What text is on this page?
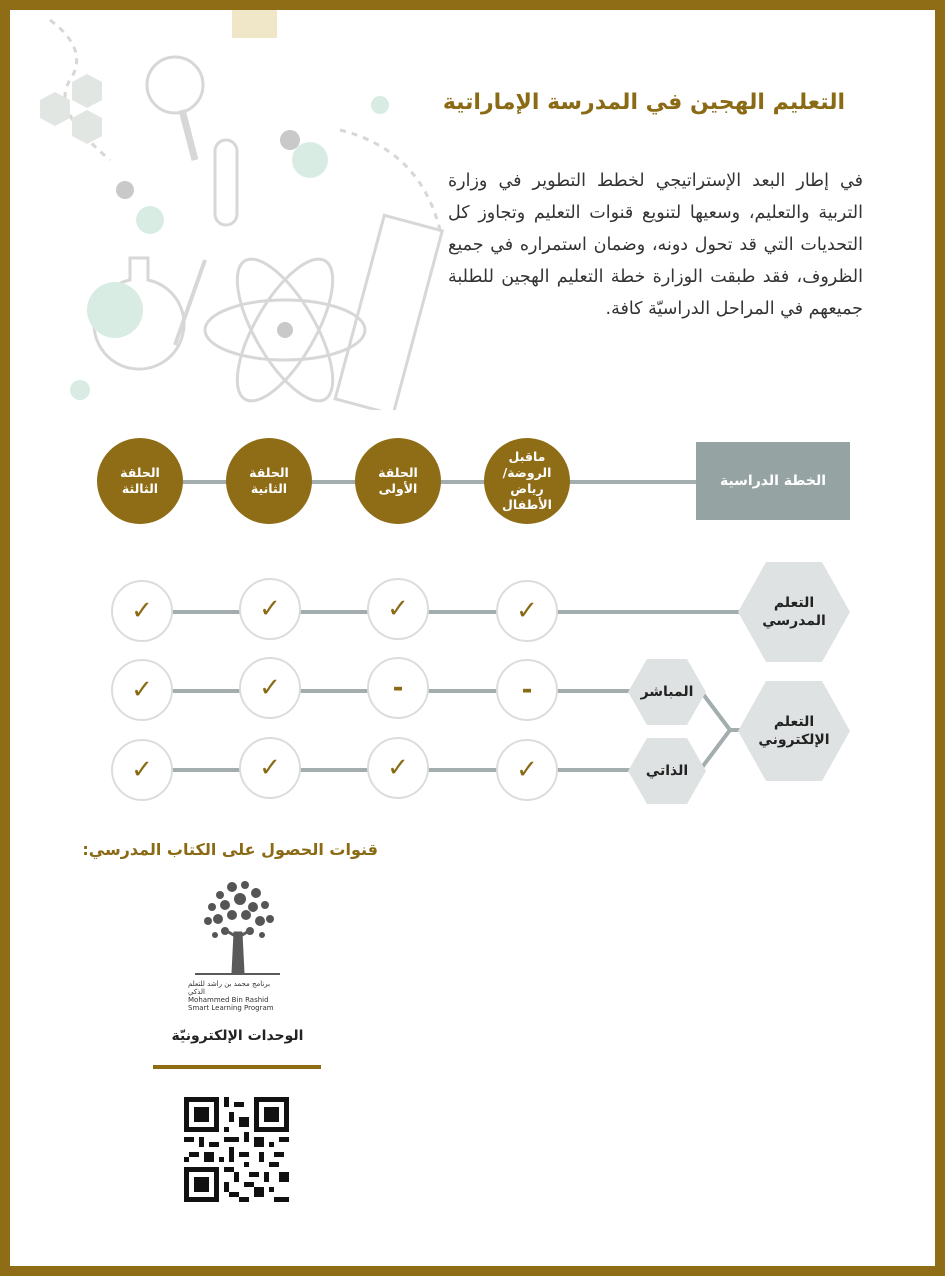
التعليم الهجين في المدرسة الإماراتية
في إطار البعد الإستراتيجي لخطط التطوير في وزارة التربية والتعليم، وسعيها لتنويع قنوات التعليم وتجاوز كل التحديات التي قد تحول دونه، وضمان استمراره في جميع الظروف، فقد طبقت الوزارة خطة التعليم الهجين للطلبة جميعهم في المراحل الدراسيّة كافة.
الخطة الدراسية
ماقبل
الروضة/
رياض الأطفال
الحلقة الأولى
الحلقة الثانية
الحلقة الثالثة
التعلم
المدرسي
التعلم
الإلكتروني
المباشر
الذاتي
✓
✓
✓
✓
-
-
✓
✓
✓
✓
✓
✓
قنوات الحصول على الكتاب المدرسي:
برنامج محمد بن راشد للتعلم الذكي
Mohammed Bin Rashid
Smart Learning Program
الوحدات الإلكترونيّة
